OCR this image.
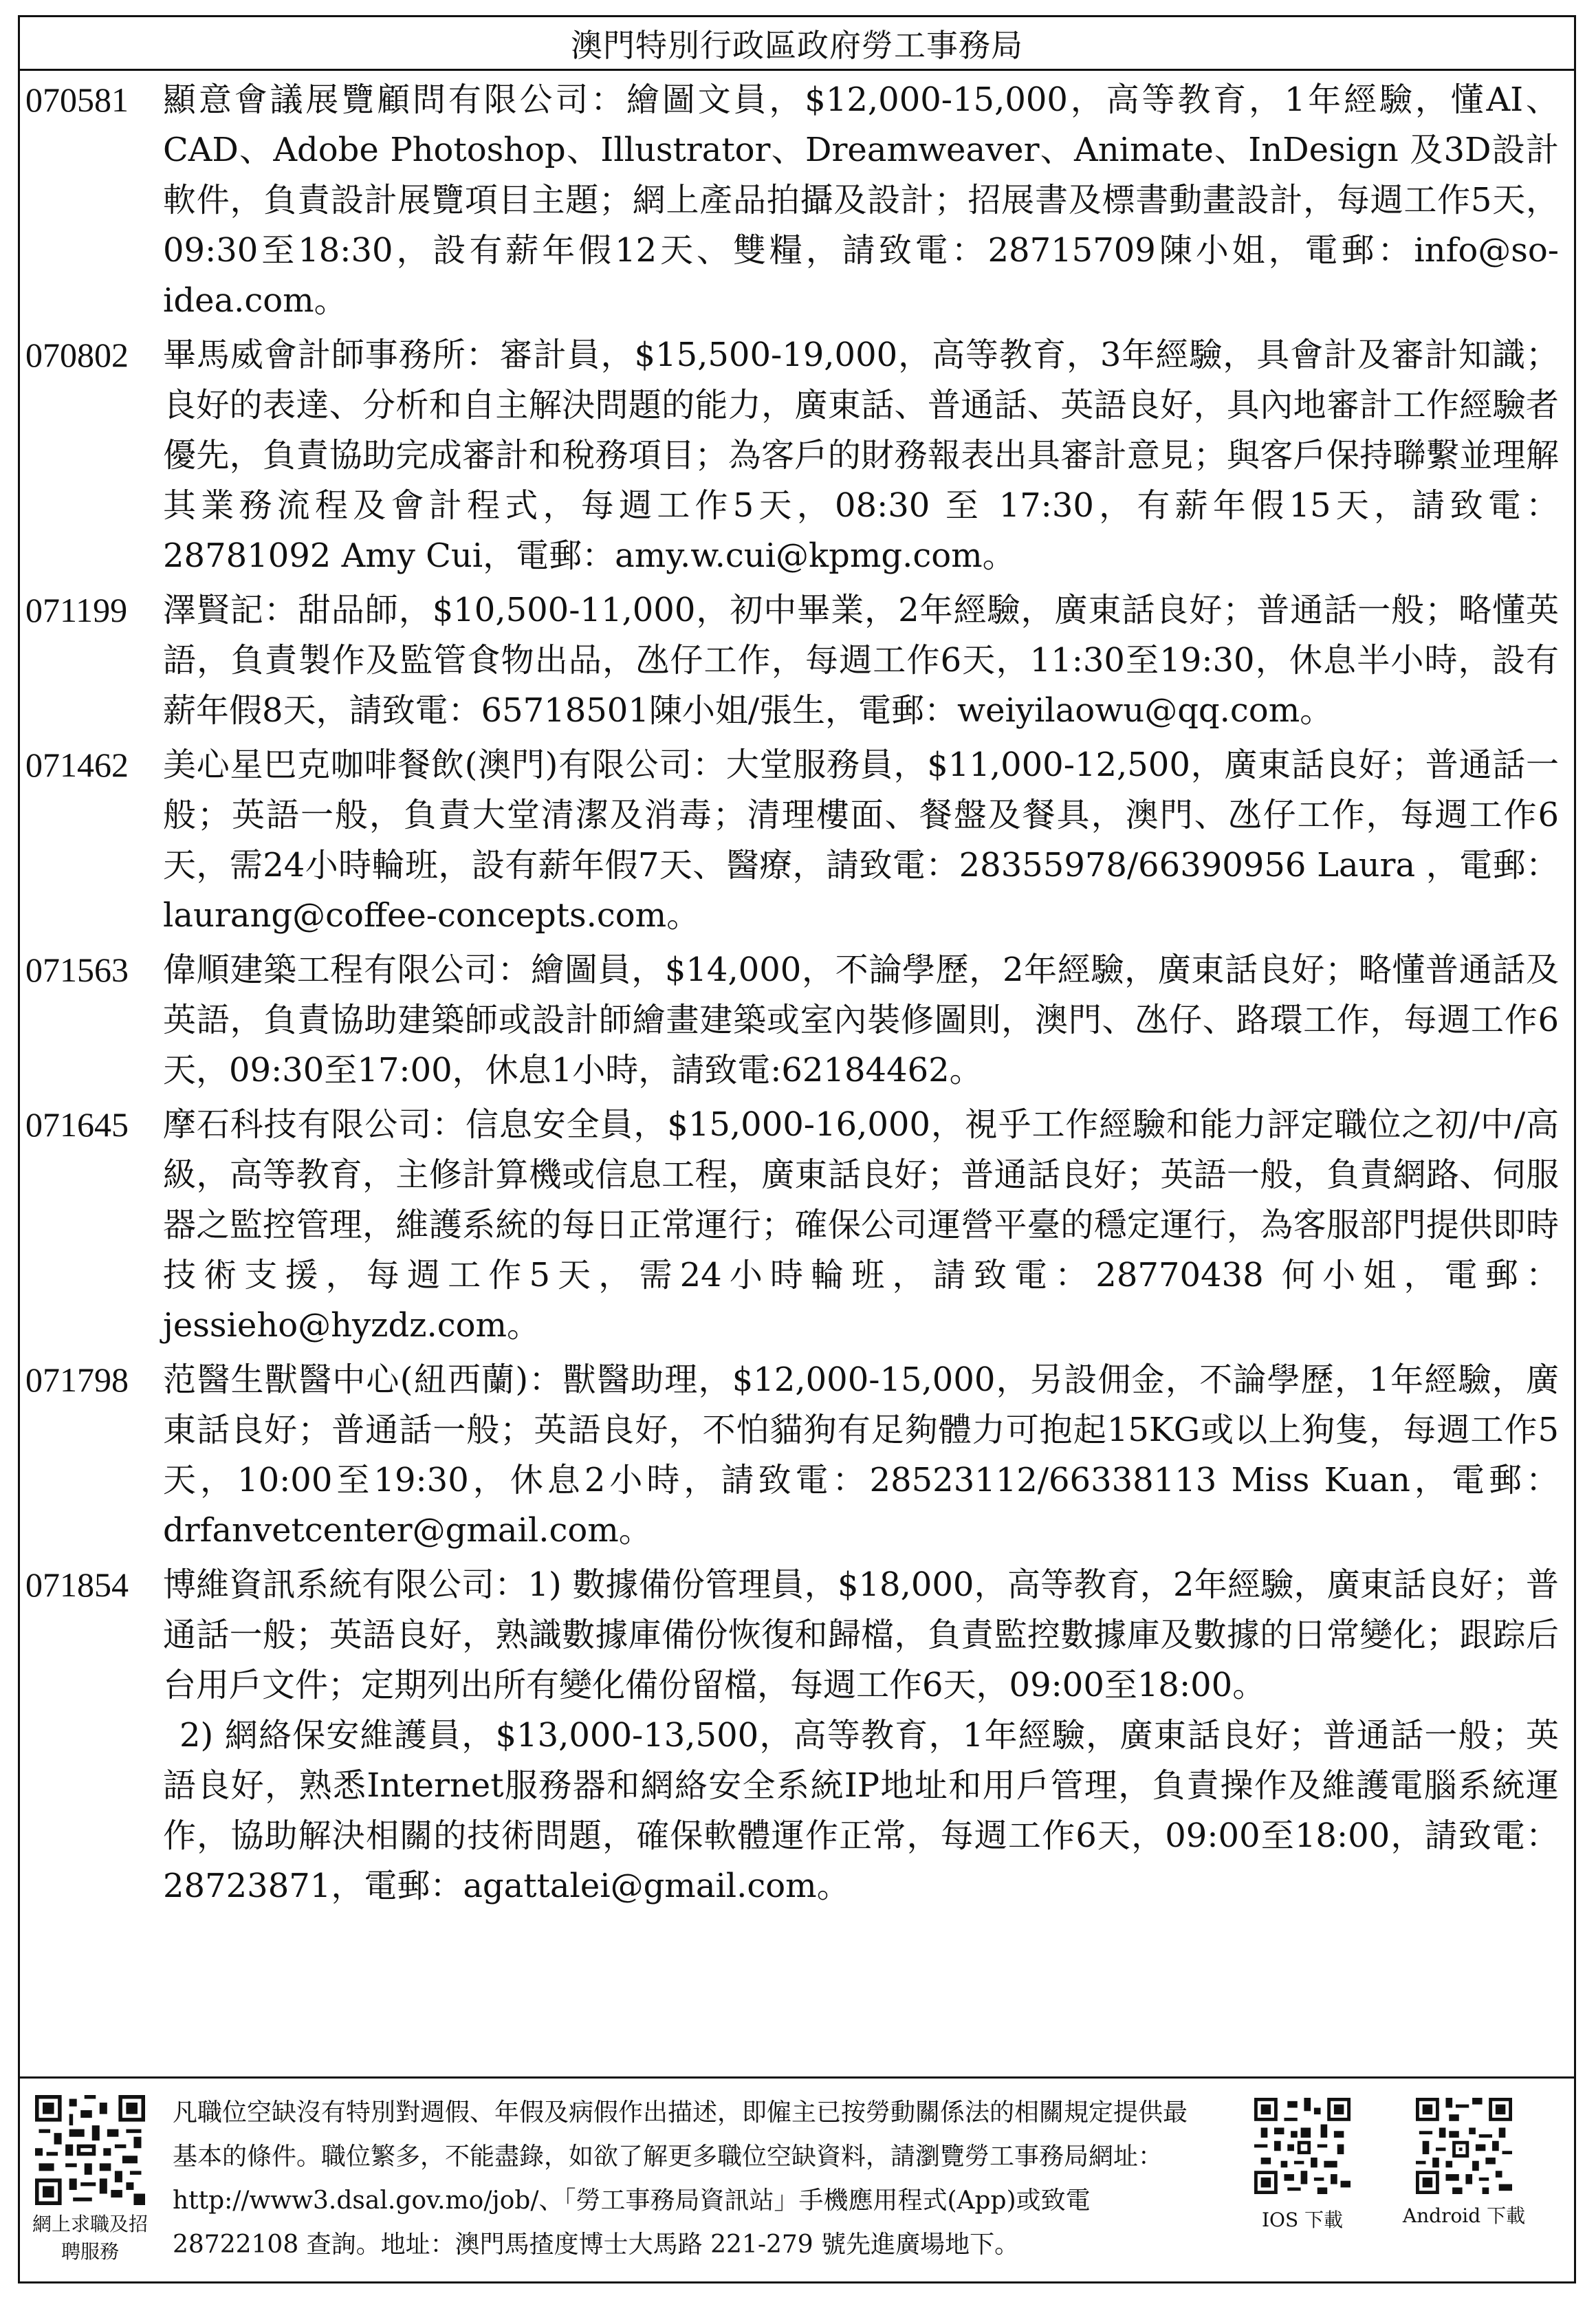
澳門特別行政區政府勞工事務局
070581	顯意會議展覽顧問有限公司：繪圖文員，$12,000-15,000，高等教育，1年經驗，懂AI、CAD、Adobe Photoshop、Illustrator、Dreamweaver、Animate、InDesign 及3D設計軟件，負責設計展覽項目主題；網上產品拍攝及設計；招展書及標書動畫設計，每週工作5天，09:30至18:30，設有薪年假12天、雙糧，請致電：28715709陳小姐，電郵：info@so-idea.com。
070802	畢馬威會計師事務所：審計員，$15,500-19,000，高等教育，3年經驗，具會計及審計知識；良好的表達、分析和自主解決問題的能力，廣東話、普通話、英語良好，具內地審計工作經驗者優先，負責協助完成審計和稅務項目；為客戶的財務報表出具審計意見；與客戶保持聯繫並理解其業務流程及會計程式，每週工作5天，08:30 至 17:30，有薪年假15天，請致電：28781092 Amy Cui，電郵：amy.w.cui@kpmg.com。
071199	澤賢記：甜品師，$10,500-11,000，初中畢業，2年經驗，廣東話良好；普通話一般；略懂英語，負責製作及監管食物出品，氹仔工作，每週工作6天，11:30至19:30，休息半小時，設有薪年假8天，請致電：65718501陳小姐/張生，電郵：weiyilaowu@qq.com。
071462	美心星巴克咖啡餐飲(澳門)有限公司：大堂服務員，$11,000-12,500，廣東話良好；普通話一般；英語一般，負責大堂清潔及消毒；清理樓面、餐盤及餐具，澳門、氹仔工作，每週工作6天，需24小時輪班，設有薪年假7天、醫療，請致電：28355978/66390956 Laura ，電郵：laurang@coffee-concepts.com。
071563	偉順建築工程有限公司：繪圖員，$14,000，不論學歷，2年經驗，廣東話良好；略懂普通話及英語，負責協助建築師或設計師繪畫建築或室內裝修圖則，澳門、氹仔、路環工作，每週工作6天，09:30至17:00，休息1小時，請致電:62184462。
071645	摩石科技有限公司：信息安全員，$15,000-16,000，視乎工作經驗和能力評定職位之初/中/高級，高等教育，主修計算機或信息工程，廣東話良好；普通話良好；英語一般，負責網路、伺服器之監控管理，維護系統的每日正常運行；確保公司運營平臺的穩定運行，為客服部門提供即時技術支援，每週工作5天，需24小時輪班，請致電：28770438 何小姐，電郵：jessieho@hyzdz.com。
071798	范醫生獸醫中心(紐西蘭)：獸醫助理，$12,000-15,000，另設佣金，不論學歷，1年經驗，廣東話良好；普通話一般；英語良好，不怕貓狗有足夠體力可抱起15KG或以上狗隻，每週工作5天，10:00至19:30，休息2小時，請致電：28523112/66338113 Miss Kuan，電郵：drfanvetcenter@gmail.com。
071854	博維資訊系統有限公司：1) 數據備份管理員，$18,000，高等教育，2年經驗，廣東話良好；普通話一般；英語良好，熟識數據庫備份恢復和歸檔，負責監控數據庫及數據的日常變化；跟踪后台用戶文件；定期列出所有變化備份留檔，每週工作6天，09:00至18:00。
2) 網絡保安維護員，$13,000-13,500，高等教育，1年經驗，廣東話良好；普通話一般；英語良好，熟悉Internet服務器和網絡安全系統IP地址和用戶管理，負責操作及維護電腦系統運作，協助解決相關的技術問題，確保軟體運作正常，每週工作6天，09:00至18:00，請致電：28723871，電郵：agattalei@gmail.com。
網上求職及招聘服務
凡職位空缺沒有特別對週假、年假及病假作出描述，即僱主已按勞動關係法的相關規定提供最基本的條件。職位繁多，不能盡錄，如欲了解更多職位空缺資料，請瀏覽勞工事務局網址：http://www3.dsal.gov.mo/job/、「勞工事務局資訊站」手機應用程式(App)或致電 28722108 查詢。地址：澳門馬揸度博士大馬路 221-279 號先進廣場地下。
IOS 下載	Android 下載
